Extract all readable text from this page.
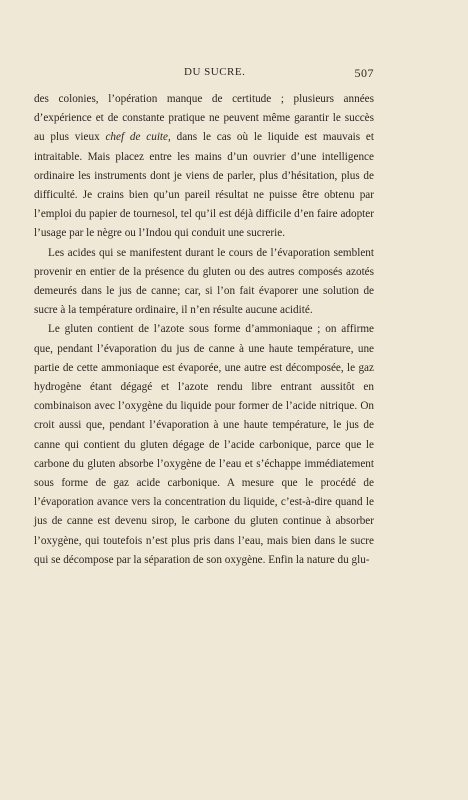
DU SUCRE.	507

des colonies, l’opération manque de certitude ; plusieurs années d’expérience et de constante pratique ne peuvent même garantir le succès au plus vieux chef de cuite, dans le cas où le liquide est mauvais et intraitable. Mais placez entre les mains d’un ouvrier d’une intelligence ordinaire les instruments dont je viens de parler, plus d’hésitation, plus de difficulté. Je crains bien qu’un pareil résultat ne puisse être obtenu par l’emploi du papier de tournesol, tel qu’il est déjà difficile d’en faire adopter l’usage par le nègre ou l’Indou qui conduit une sucrerie.

Les acides qui se manifestent durant le cours de l’évaporation semblent provenir en entier de la présence du gluten ou des autres composés azotés demeurés dans le jus de canne; car, si l’on fait évaporer une solution de sucre à la température ordinaire, il n’en résulte aucune acidité.

Le gluten contient de l’azote sous forme d’ammoniaque ; on affirme que, pendant l’évaporation du jus de canne à une haute température, une partie de cette ammoniaque est évaporée, une autre est décomposée, le gaz hydrogène étant dégagé et l’azote rendu libre entrant aussitôt en combinaison avec l’oxygène du liquide pour former de l’acide nitrique. On croit aussi que, pendant l’évaporation à une haute température, le jus de canne qui contient du gluten dégage de l’acide carbonique, parce que le carbone du gluten absorbe l’oxygène de l’eau et s’échappe immédiatement sous forme de gaz acide carbonique. A mesure que le procédé de l’évaporation avance vers la concentration du liquide, c’est-à-dire quand le jus de canne est devenu sirop, le carbone du gluten continue à absorber l’oxygène, qui toutefois n’est plus pris dans l’eau, mais bien dans le sucre qui se décompose par la séparation de son oxygène. Enfin la nature du glu-
